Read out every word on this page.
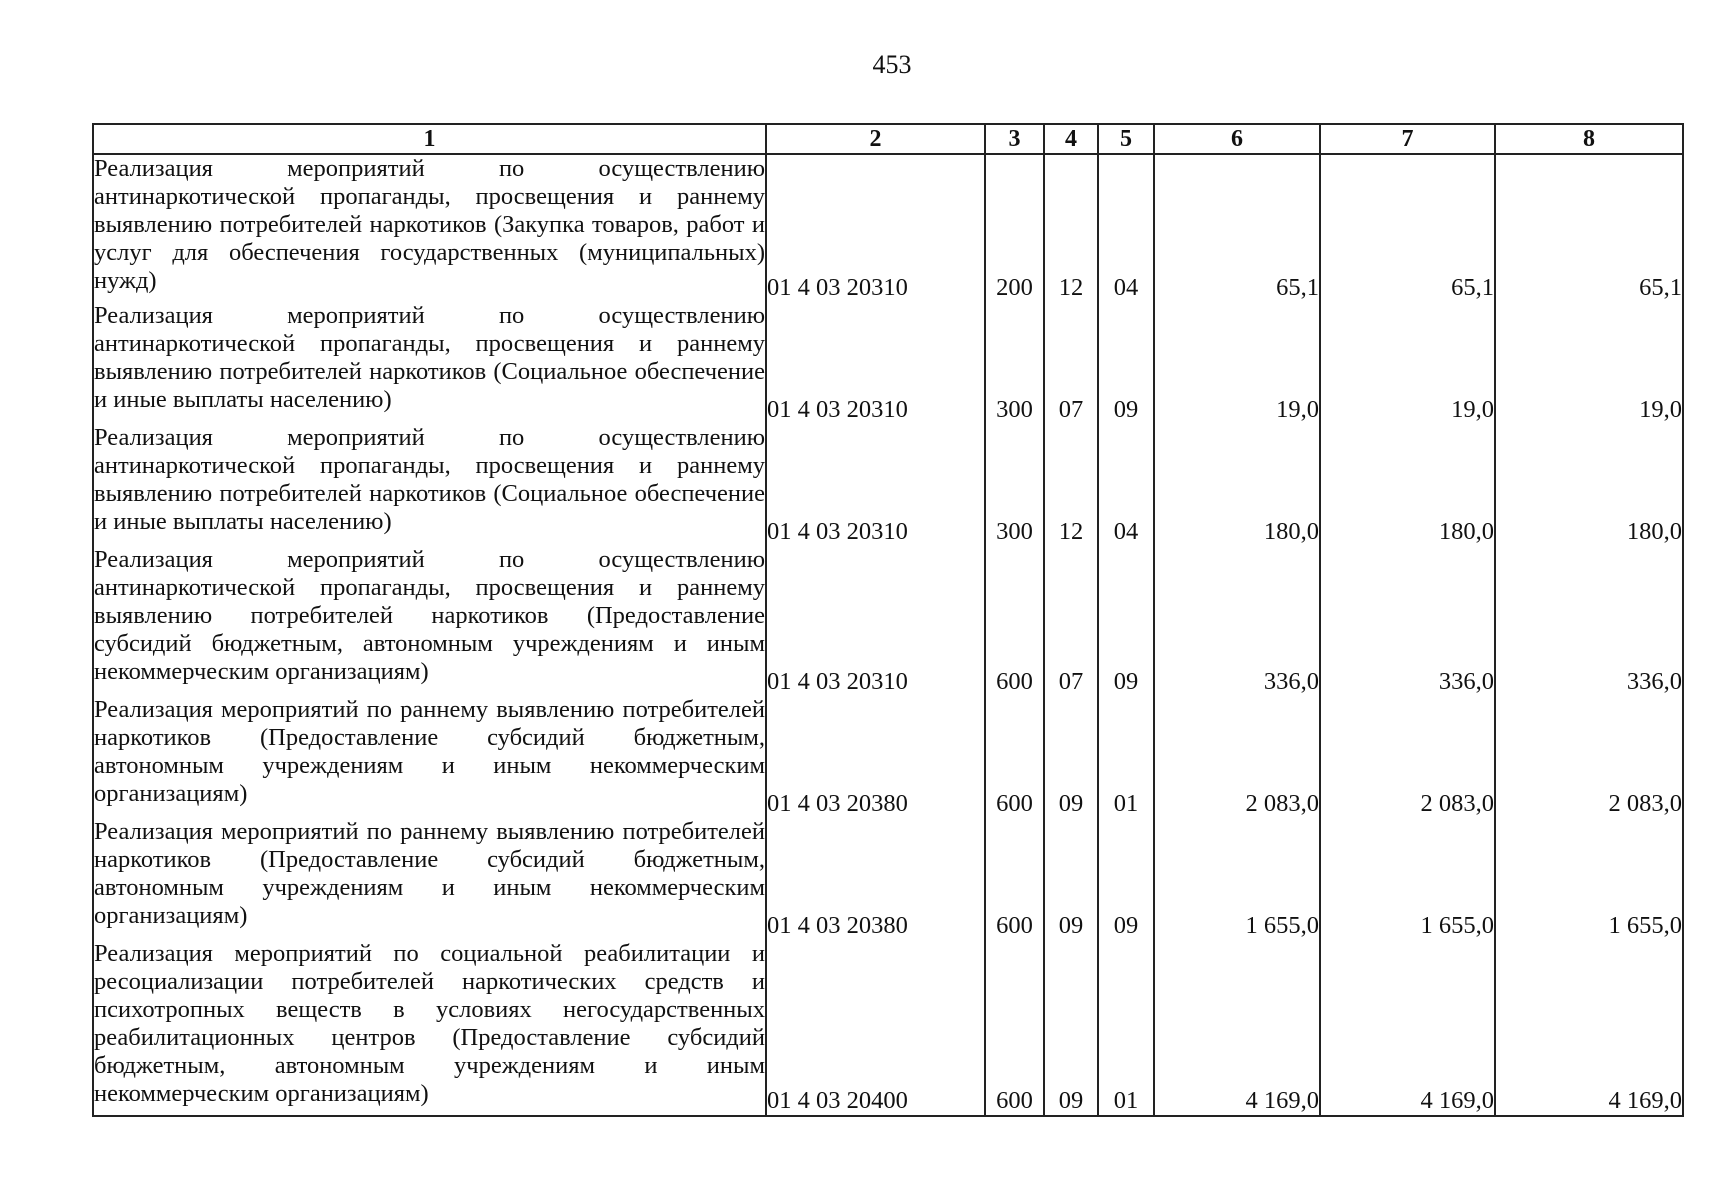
453
1	2	3	4	5	6	7	8
Реализация мероприятий по осуществлению антинаркотической пропаганды, просвещения и раннему выявлению потребителей наркотиков (Закупка товаров, работ и услуг для обеспечения государственных (муниципальных) нужд)	01 4 03 20310	200	12	04	65,1	65,1	65,1
Реализация мероприятий по осуществлению антинаркотической пропаганды, просвещения и раннему выявлению потребителей наркотиков (Социальное обеспечение и иные выплаты населению)	01 4 03 20310	300	07	09	19,0	19,0	19,0
Реализация мероприятий по осуществлению антинаркотической пропаганды, просвещения и раннему выявлению потребителей наркотиков (Социальное обеспечение и иные выплаты населению)	01 4 03 20310	300	12	04	180,0	180,0	180,0
Реализация мероприятий по осуществлению антинаркотической пропаганды, просвещения и раннему выявлению потребителей наркотиков (Предоставление субсидий бюджетным, автономным учреждениям и иным некоммерческим организациям)	01 4 03 20310	600	07	09	336,0	336,0	336,0
Реализация мероприятий по раннему выявлению потребителей наркотиков (Предоставление субсидий бюджетным, автономным учреждениям и иным некоммерческим организациям)	01 4 03 20380	600	09	01	2 083,0	2 083,0	2 083,0
Реализация мероприятий по раннему выявлению потребителей наркотиков (Предоставление субсидий бюджетным, автономным учреждениям и иным некоммерческим организациям)	01 4 03 20380	600	09	09	1 655,0	1 655,0	1 655,0
Реализация мероприятий по социальной реабилитации и ресоциализации потребителей наркотических средств и психотропных веществ в условиях негосударственных реабилитационных центров (Предоставление субсидий бюджетным, автономным учреждениям и иным некоммерческим организациям)	01 4 03 20400	600	09	01	4 169,0	4 169,0	4 169,0
